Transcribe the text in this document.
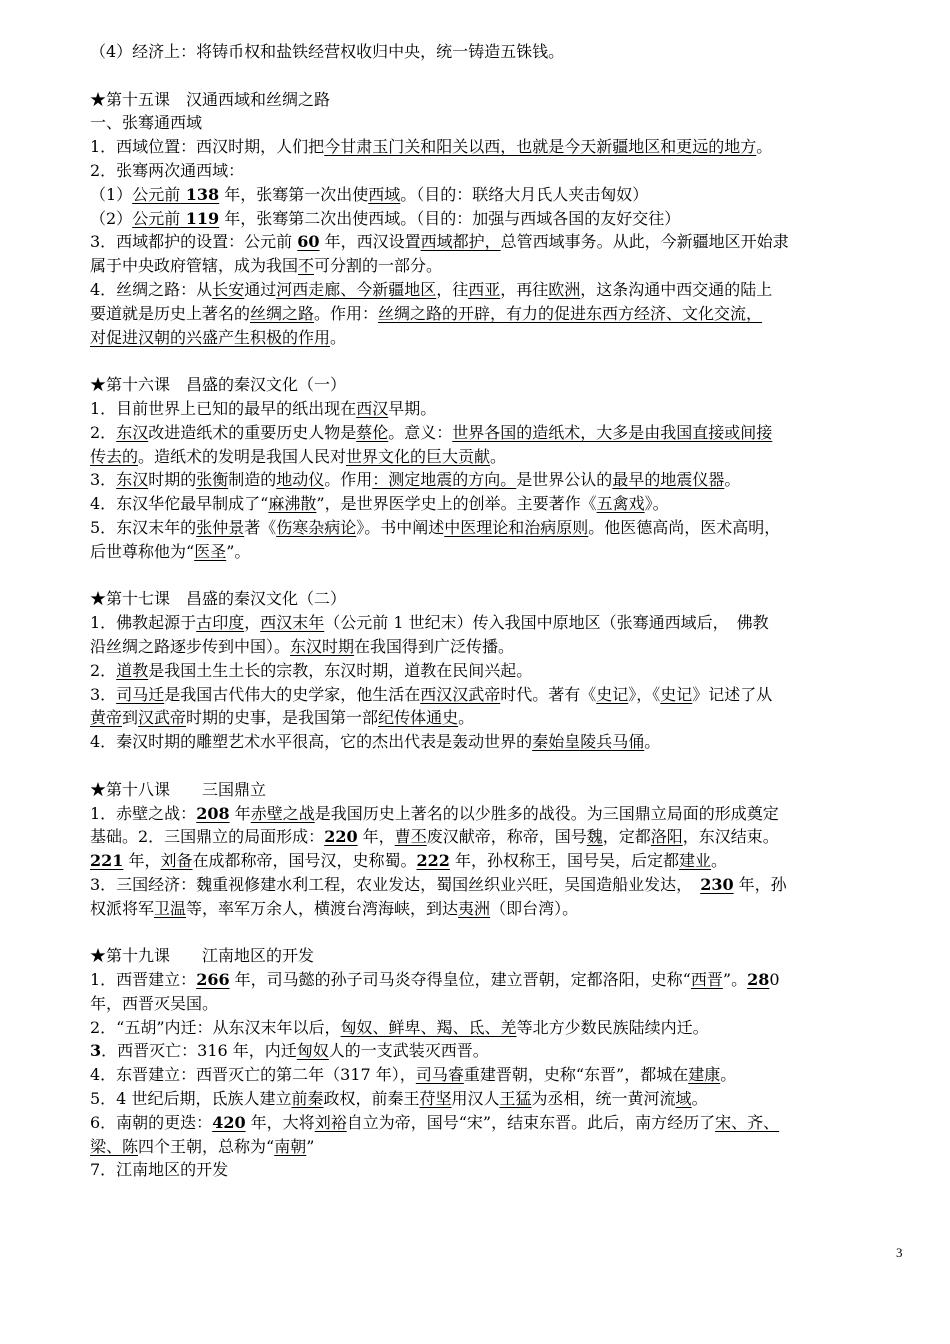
（4）经济上：将铸币权和盐铁经营权收归中央，统一铸造五铢钱。
★第十五课　汉通西域和丝绸之路
一、张骞通西域
1．西域位置：西汉时期，人们把今甘肃玉门关和阳关以西，也就是今天新疆地区和更远的地方。
2．张骞两次通西域：
（1）公元前 138 年，张骞第一次出使西域。（目的：联络大月氏人夹击匈奴）
（2）公元前 119 年，张骞第二次出使西域。（目的：加强与西域各国的友好交往）
3．西域都护的设置：公元前 60 年，西汉设置西域都护，总管西域事务。从此，今新疆地区开始隶
属于中央政府管辖，成为我国不可分割的一部分。
4．丝绸之路：从长安通过河西走廊、今新疆地区，往西亚，再往欧洲，这条沟通中西交通的陆上
要道就是历史上著名的丝绸之路。作用：丝绸之路的开辟，有力的促进东西方经济、文化交流，
对促进汉朝的兴盛产生积极的作用。
★第十六课　昌盛的秦汉文化（一）
1．目前世界上已知的最早的纸出现在西汉早期。
2．东汉改进造纸术的重要历史人物是蔡伦。意义：世界各国的造纸术，大多是由我国直接或间接
传去的。造纸术的发明是我国人民对世界文化的巨大贡献。
3．东汉时期的张衡制造的地动仪。作用：测定地震的方向。是世界公认的最早的地震仪器。
4．东汉华佗最早制成了“麻沸散”，是世界医学史上的创举。主要著作《五禽戏》。
5．东汉末年的张仲景著《伤寒杂病论》。书中阐述中医理论和治病原则。他医德高尚，医术高明，
后世尊称他为“医圣”。
★第十七课　昌盛的秦汉文化（二）
1．佛教起源于古印度，西汉末年（公元前 1 世纪末）传入我国中原地区（张骞通西域后，　佛教
沿丝绸之路逐步传到中国）。东汉时期在我国得到广泛传播。
2．道教是我国土生土长的宗教，东汉时期，道教在民间兴起。
3．司马迁是我国古代伟大的史学家，他生活在西汉汉武帝时代。著有《史记》，《史记》记述了从
黄帝到汉武帝时期的史事，是我国第一部纪传体通史。
4．秦汉时期的雕塑艺术水平很高，它的杰出代表是轰动世界的秦始皇陵兵马俑。
★第十八课　　三国鼎立
1．赤壁之战：208 年赤壁之战是我国历史上著名的以少胜多的战役。为三国鼎立局面的形成奠定
基础。2．三国鼎立的局面形成：220 年，曹丕废汉献帝，称帝，国号魏，定都洛阳，东汉结束。
221 年，刘备在成都称帝，国号汉，史称蜀。222 年，孙权称王，国号吴，后定都建业。
3．三国经济：魏重视修建水利工程，农业发达，蜀国丝织业兴旺，吴国造船业发达，　230 年，孙
权派将军卫温等，率军万余人，横渡台湾海峡，到达夷洲（即台湾）。
★第十九课　　江南地区的开发
1．西晋建立：266 年，司马懿的孙子司马炎夺得皇位，建立晋朝，定都洛阳，史称“西晋”。280
年，西晋灭吴国。
2．“五胡”内迁：从东汉末年以后，匈奴、鲜卑、羯、氐、羌等北方少数民族陆续内迁。
3．西晋灭亡：316 年，内迁匈奴人的一支武装灭西晋。
4．东晋建立：西晋灭亡的第二年（317 年），司马睿重建晋朝，史称“东晋”，都城在建康。
5．4 世纪后期，氐族人建立前秦政权，前秦王苻坚用汉人王猛为丞相，统一黄河流域。
6．南朝的更迭：420 年，大将刘裕自立为帝，国号“宋”，结束东晋。此后，南方经历了宋、齐、
梁、陈四个王朝，总称为“南朝”
7．江南地区的开发
3
